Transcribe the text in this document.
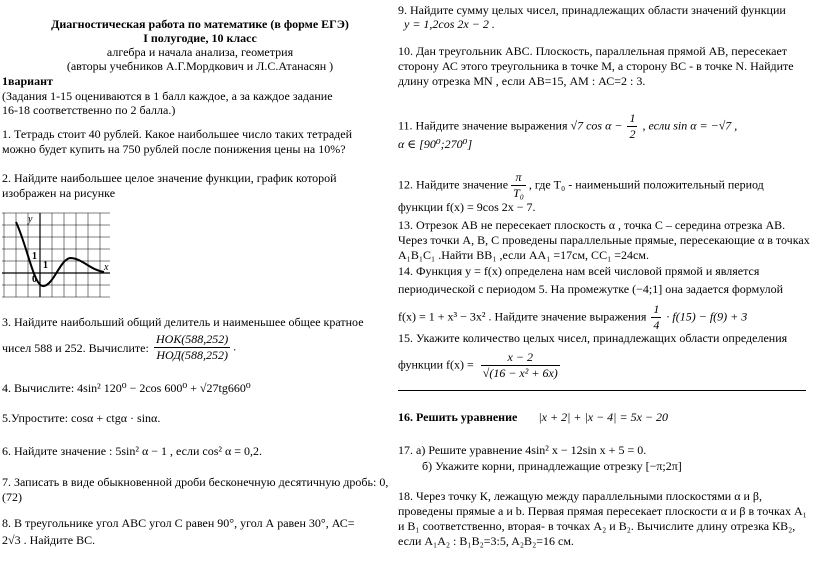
Диагностическая работа по математике (в форме ЕГЭ)
I полугодие, 10 класс
алгебра и начала анализа, геометрия
(авторы учебников А.Г.Мордкович и Л.С.Атанасян )
1вариант
(Задания 1-15 оцениваются в 1 балл каждое, а за каждое задание
16-18 соответственно по 2 балла.)
1. Тетрадь стоит 40 рублей. Какое наибольшее число таких тетрадей можно будет купить на 750 рублей после понижения цены на 10%?
2. Найдите наибольшее целое значение функции, график которой изображен на рисунке
y
x
1
1
0
3. Найдите наибольший общий делитель и наименьшее общее кратное
чисел 588 и 252. Вычислите: $\frac{\text{НОК(588,252)}}{\text{НОД(588,252)}}$ .
4. Вычислите: 4sin² 120⁰ − 2cos 600⁰ + √27tg660⁰
5.Упростите: cosα + ctgα · sinα.
6. Найдите значение : 5sin² α − 1 , если cos² α = 0,2.
7. Записать в виде обыкновенной дроби бесконечную десятичную дробь: 0,(72)
8. В треугольнике угол АВС угол С равен 90°, угол А равен 30°, АС=
2√3 . Найдите ВС.
9. Найдите сумму целых чисел, принадлежащих области значений функции
y = 1,2cos 2x − 2 .
10. Дан треугольник АВС. Плоскость, параллельная прямой АВ, пересекает сторону АС этого треугольника в точке М, а сторону ВС - в точке N. Найдите длину отрезка MN , если АВ=15, АМ : АС=2 : 3.
11. Найдите значение выражения √7 $\cos \alpha - \frac{1}{2}$ , если sin α = −√7 ,
α ∈ [90⁰;270⁰]
12. Найдите значение $\frac{\pi}{\text{T₀}}$ , где T₀ - наименьший положительный период
функции f(x) = 9cos 2x − 7.
13. Отрезок АВ не пересекает плоскость α , точка С – середина отрезка АВ. Через точки А, В, С проведены параллельные прямые, пересекающие α в точках A₁B₁C₁ .Найти BB₁ ,если AA₁ =17см, CC₁ =24см.
14. Функция y = f(x) определена нам всей числовой прямой и является
периодической с периодом 5. На промежутке (−4;1] она задается формулой
f(x) = 1 + x³ − 3x² . Найдите значение выражения $\frac{1}{4} \cdot f(15) - f(9) + 3$
15. Укажите количество целых чисел, принадлежащих области определения
функции $f(x) = \frac{x - 2}{\text{√(16 − x² + 6x)}}$
16. Решить уравнение |x + 2| + |x − 4| = 5x − 20
17. а) Решите уравнение 4sin² x − 12sin x + 5 = 0.
б) Укажите корни, принадлежащие отрезку [−π;2π]
18. Через точку К, лежащую между параллельными плоскостями α и β, проведены прямые a и b. Первая прямая пересекает плоскости α и β в точках A₁ и B₁ соответственно, вторая- в точках A₂ и B₂. Вычислите длину отрезка КB₂, если A₁A₂ : B₁B₂=3:5, A₂B₂=16 см.
